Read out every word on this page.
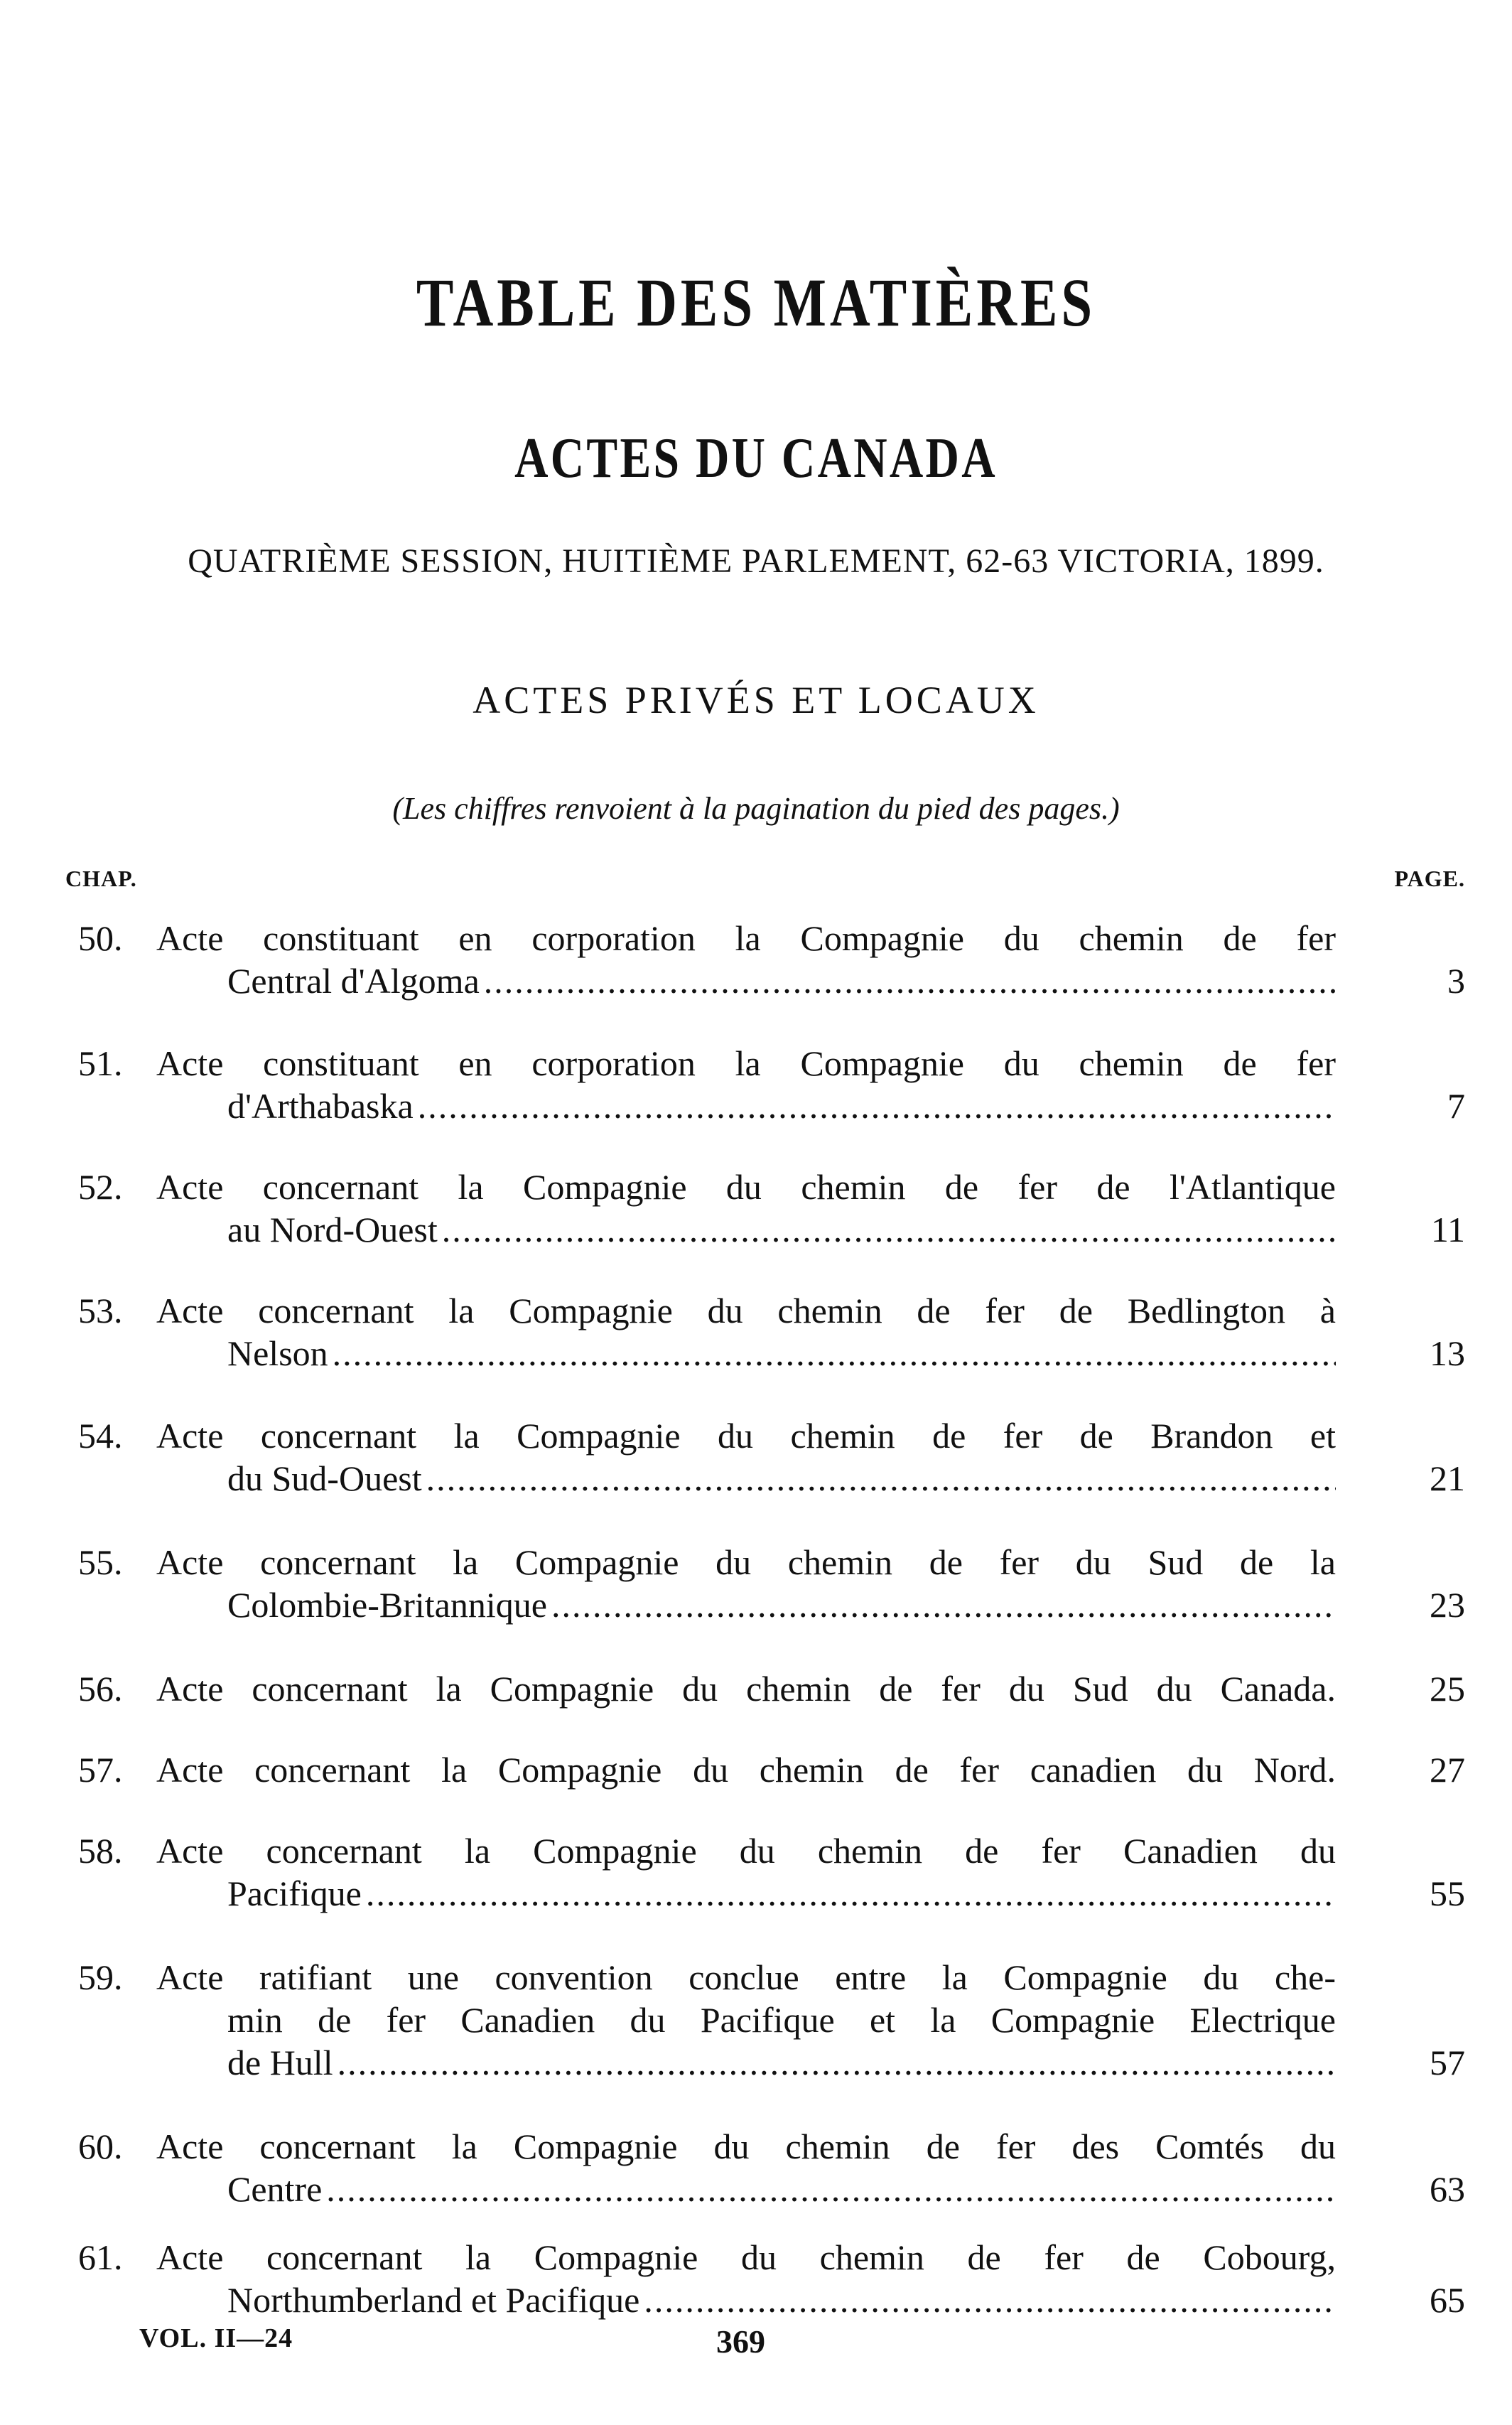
TABLE DES MATIÈRES
ACTES DU CANADA
QUATRIÈME SESSION, HUITIÈME PARLEMENT, 62-63 VICTORIA, 1899.
ACTES PRIVÉS ET LOCAUX
(Les chiffres renvoient à la pagination du pied des pages.)
CHAP.	PAGE.
50. Acte constituant en corporation la Compagnie du chemin de fer
Central d'Algoma .....	3
51. Acte constituant en corporation la Compagnie du chemin de fer
d'Arthabaska .....	7
52. Acte concernant la Compagnie du chemin de fer de l'Atlantique
au Nord-Ouest .....	11
53. Acte concernant la Compagnie du chemin de fer de Bedlington à
Nelson .....	13
54. Acte concernant la Compagnie du chemin de fer de Brandon et
du Sud-Ouest .....	21
55. Acte concernant la Compagnie du chemin de fer du Sud de la
Colombie-Britannique .....	23
56. Acte concernant la Compagnie du chemin de fer du Sud du Canada.	25
57. Acte concernant la Compagnie du chemin de fer canadien du Nord.	27
58. Acte concernant la Compagnie du chemin de fer Canadien du
Pacifique .....	55
59. Acte ratifiant une convention conclue entre la Compagnie du che-
min de fer Canadien du Pacifique et la Compagnie Electrique
de Hull .....	57
60. Acte concernant la Compagnie du chemin de fer des Comtés du
Centre .....	63
61. Acte concernant la Compagnie du chemin de fer de Cobourg,
Northumberland et Pacifique .....	65
VOL. II—24	369
